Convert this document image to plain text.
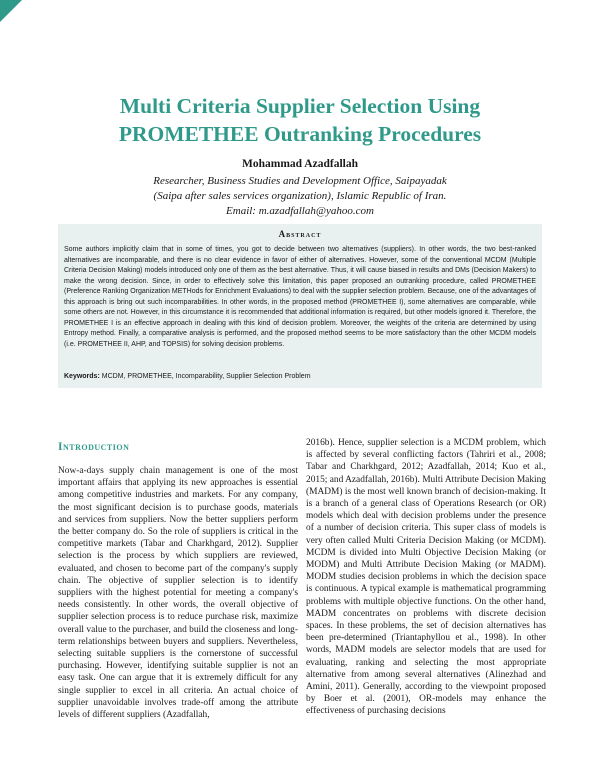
Multi Criteria Supplier Selection Using
PROMETHEE Outranking Procedures
Mohammad Azadfallah
Researcher, Business Studies and Development Office, Saipayadak
(Saipa after sales services organization), Islamic Republic of Iran.
Email: m.azadfallah@yahoo.com
Abstract
Some authors implicitly claim that in some of times, you got to decide between two alternatives (suppliers). In other words, the two best-ranked alternatives are incomparable, and there is no clear evidence in favor of either of alternatives. However, some of the conventional MCDM (Multiple Criteria Decision Making) models introduced only one of them as the best alternative. Thus, it will cause biased in results and DMs (Decision Makers) to make the wrong decision. Since, in order to effectively solve this limitation, this paper proposed an outranking procedure, called PROMETHEE (Preference Ranking Organization METHods for Enrichment Evaluations) to deal with the supplier selection problem. Because, one of the advantages of this approach is bring out such incomparabilities. In other words, in the proposed method (PROMETHEE I), some alternatives are comparable, while some others are not. However, in this circumstance it is recommended that additional information is required, but other models ignored it. Therefore, the PROMETHEE I is an effective approach in dealing with this kind of decision problem. Moreover, the weights of the criteria are determined by using Entropy method. Finally, a comparative analysis is performed, and the proposed method seems to be more satisfactory than the other MCDM models (i.e. PROMETHEE II, AHP, and TOPSIS) for solving decision problems.
Keywords: MCDM, PROMETHEE, Incomparability, Supplier Selection Problem
Introduction
Now-a-days supply chain management is one of the most important affairs that applying its new approaches is essential among competitive industries and markets. For any company, the most significant decision is to purchase goods, materials and services from suppliers. Now the better suppliers perform the better company do. So the role of suppliers is critical in the competitive markets (Tabar and Charkhgard, 2012). Supplier selection is the process by which suppliers are reviewed, evaluated, and chosen to become part of the company's supply chain. The objective of supplier selection is to identify suppliers with the highest potential for meeting a company's needs consistently. In other words, the overall objective of supplier selection process is to reduce purchase risk, maximize overall value to the purchaser, and build the closeness and long-term relationships between buyers and suppliers. Nevertheless, selecting suitable suppliers is the cornerstone of successful purchasing. However, identifying suitable supplier is not an easy task. One can argue that it is extremely difficult for any single supplier to excel in all criteria. An actual choice of supplier unavoidable involves trade-off among the attribute levels of different suppliers (Azadfallah,
2016b). Hence, supplier selection is a MCDM problem, which is affected by several conflicting factors (Tahriri et al., 2008; Tabar and Charkhgard, 2012; Azadfallah, 2014; Kuo et al., 2015; and Azadfallah, 2016b). Multi Attribute Decision Making (MADM) is the most well known branch of decision-making. It is a branch of a general class of Operations Research (or OR) models which deal with decision problems under the presence of a number of decision criteria. This super class of models is very often called Multi Criteria Decision Making (or MCDM). MCDM is divided into Multi Objective Decision Making (or MODM) and Multi Attribute Decision Making (or MADM). MODM studies decision problems in which the decision space is continuous. A typical example is mathematical programming problems with multiple objective functions. On the other hand, MADM concentrates on problems with discrete decision spaces. In these problems, the set of decision alternatives has been pre-determined (Triantaphyllou et al., 1998). In other words, MADM models are selector models that are used for evaluating, ranking and selecting the most appropriate alternative from among several alternatives (Alinezhad and Amini, 2011). Generally, according to the viewpoint proposed by Boer et al. (2001), OR-models may enhance the effectiveness of purchasing decisions
